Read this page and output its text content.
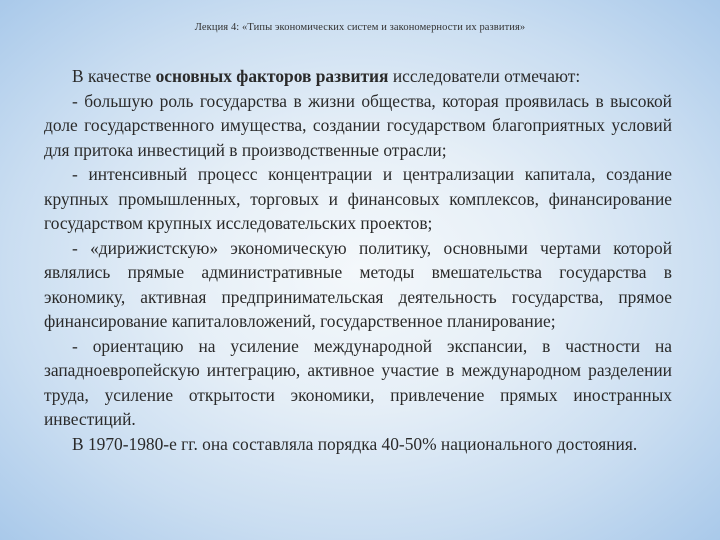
Лекция 4: «Типы экономических систем и закономерности их развития»

В качестве основных факторов развития исследователи отмечают:

- большую роль государства в жизни общества, которая проявилась в высокой доле государственного имущества, создании государством благоприятных условий для притока инвестиций в производственные отрасли;

- интенсивный процесс концентрации и централизации капитала, создание крупных промышленных, торговых и финансовых комплексов, финансирование государством крупных исследовательских проектов;

- «дирижистскую» экономическую политику, основными чертами которой являлись прямые административные методы вмешательства государства в экономику, активная предпринимательская деятельность государства, прямое финансирование капиталовложений, государственное планирование;

- ориентацию на усиление международной экспансии, в частности на западноевропейскую интеграцию, активное участие в международном разделении труда, усиление открытости экономики, привлечение прямых иностранных инвестиций.

В 1970-1980-е гг. она составляла порядка 40-50% национального достояния.
